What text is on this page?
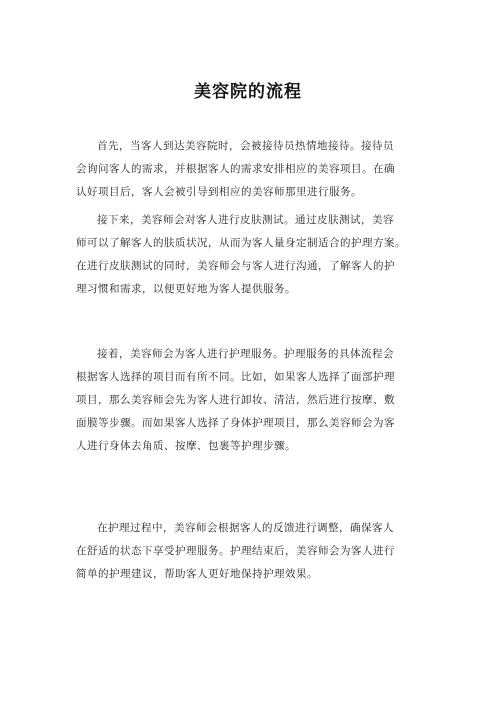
美容院的流程
首先，当客人到达美容院时，会被接待员热情地接待。接待员
会询问客人的需求，并根据客人的需求安排相应的美容项目。在确
认好项目后，客人会被引导到相应的美容师那里进行服务。
接下来，美容师会对客人进行皮肤测试。通过皮肤测试，美容
师可以了解客人的肤质状况，从而为客人量身定制适合的护理方案。
在进行皮肤测试的同时，美容师会与客人进行沟通，了解客人的护
理习惯和需求，以便更好地为客人提供服务。
接着，美容师会为客人进行护理服务。护理服务的具体流程会
根据客人选择的项目而有所不同。比如，如果客人选择了面部护理
项目，那么美容师会先为客人进行卸妆、清洁，然后进行按摩、敷
面膜等步骤。而如果客人选择了身体护理项目，那么美容师会为客
人进行身体去角质、按摩、包裹等护理步骤。
在护理过程中，美容师会根据客人的反馈进行调整，确保客人
在舒适的状态下享受护理服务。护理结束后，美容师会为客人进行
简单的护理建议，帮助客人更好地保持护理效果。
